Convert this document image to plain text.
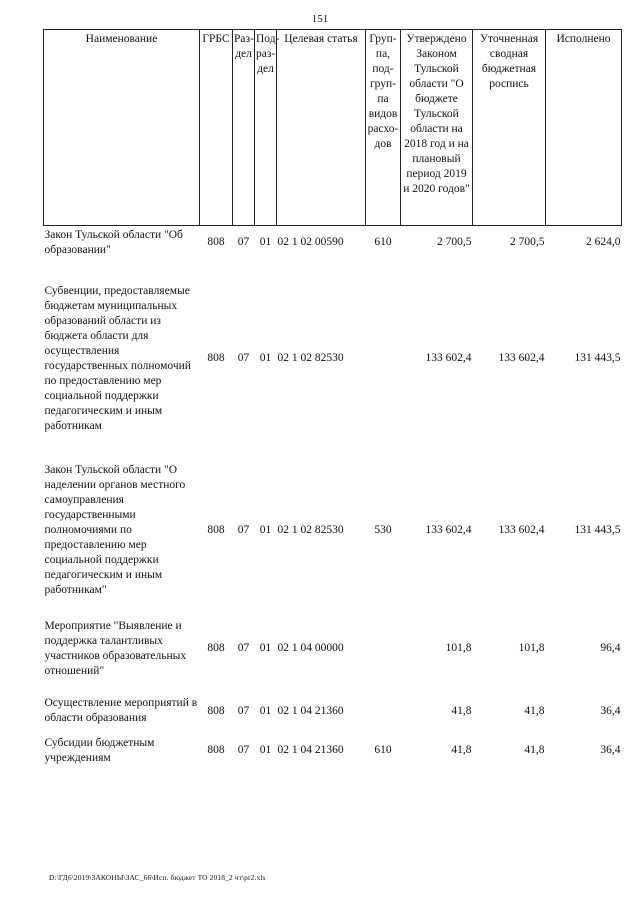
151
Наименование	ГРБС	Раз-дел	Под-раз-дел	Целевая статья	Груп-па, под-груп-па видов расхо-дов	Утверждено Законом Тульской области "О бюджете Тульской области на 2018 год и на плановый период 2019 и 2020 годов"	Уточненная сводная бюджетная роспись	Исполнено
Закон Тульской области "Об образовании"	808	07	01	02 1 02 00590	610	2 700,5	2 700,5	2 624,0

Субвенции, предоставляемые бюджетам муниципальных образований области из бюджета области для осуществления государственных полномочий по предоставлению мер социальной поддержки педагогическим и иным работникам	808	07	01	02 1 02 82530		133 602,4	133 602,4	131 443,5

Закон Тульской области "О наделении органов местного самоуправления государственными полномочиями по предоставлению мер социальной поддержки педагогическим и иным работникам"	808	07	01	02 1 02 82530	530	133 602,4	133 602,4	131 443,5

Мероприятие "Выявление и поддержка талантливых участников образовательных отношений"	808	07	01	02 1 04 00000		101,8	101,8	96,4
Осуществление мероприятий в области образования	808	07	01	02 1 04 21360		41,8	41,8	36,4
Субсидии бюджетным учреждениям	808	07	01	02 1 04 21360	610	41,8	41,8	36,4
D:\ГД6\2019\ЗАКОНЫ\ЗАС_66\Исп. бюджет ТО 2018_2 чт\pr2.xls
